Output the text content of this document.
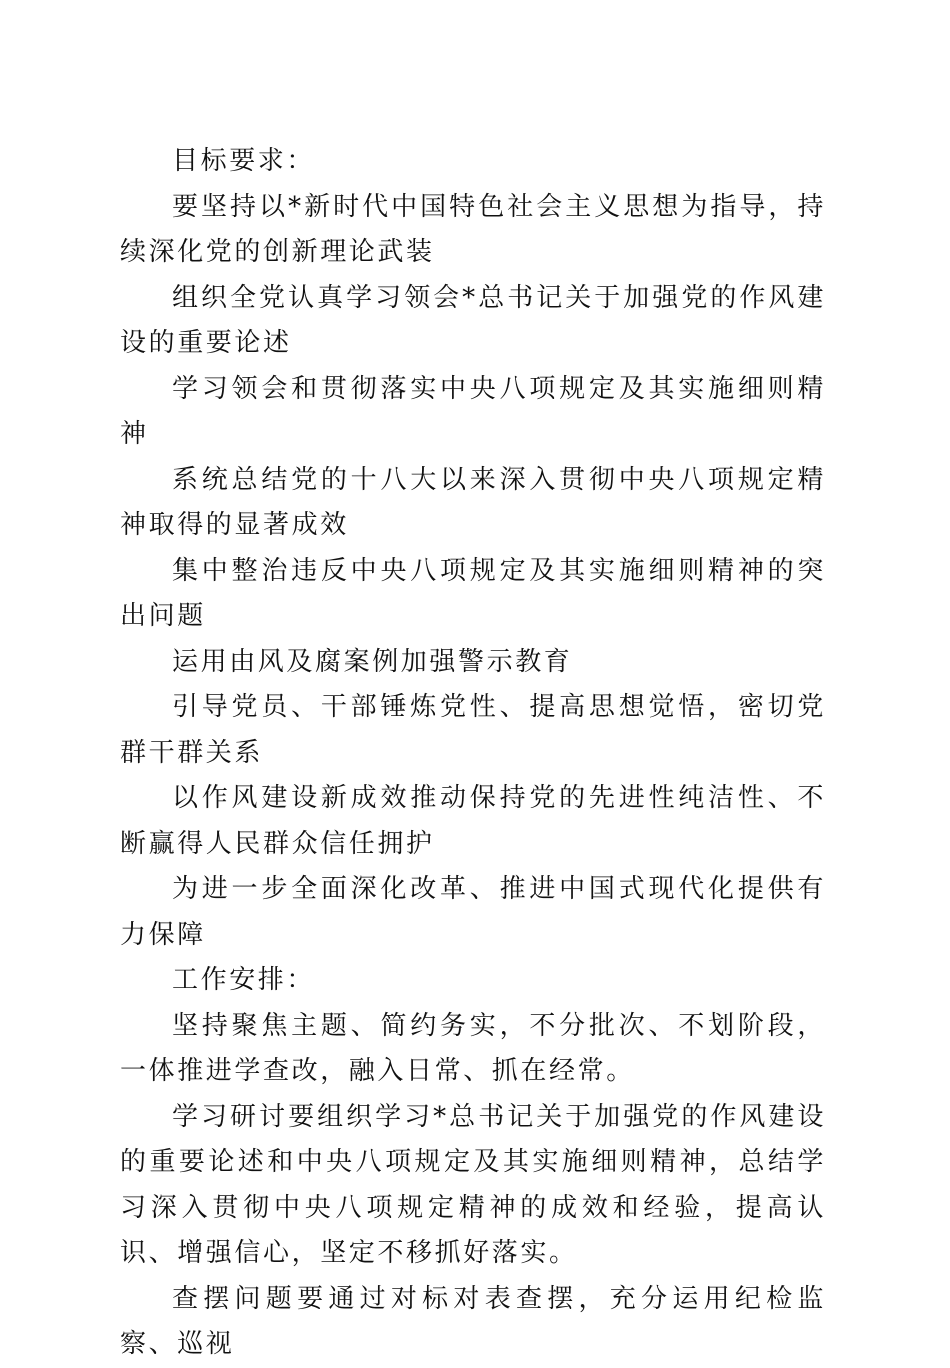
目标要求：

要坚持以*新时代中国特色社会主义思想为指导，持续深化党的创新理论武装

组织全党认真学习领会*总书记关于加强党的作风建设的重要论述

学习领会和贯彻落实中央八项规定及其实施细则精神

系统总结党的十八大以来深入贯彻中央八项规定精神取得的显著成效

集中整治违反中央八项规定及其实施细则精神的突出问题

运用由风及腐案例加强警示教育

引导党员、干部锤炼党性、提高思想觉悟，密切党群干群关系

以作风建设新成效推动保持党的先进性纯洁性、不断赢得人民群众信任拥护

为进一步全面深化改革、推进中国式现代化提供有力保障

工作安排：

坚持聚焦主题、简约务实，不分批次、不划阶段，一体推进学查改，融入日常、抓在经常。

学习研讨要组织学习*总书记关于加强党的作风建设的重要论述和中央八项规定及其实施细则精神，总结学习深入贯彻中央八项规定精神的成效和经验，提高认识、增强信心，坚定不移抓好落实。

查摆问题要通过对标对表查摆，充分运用纪检监察、巡视
